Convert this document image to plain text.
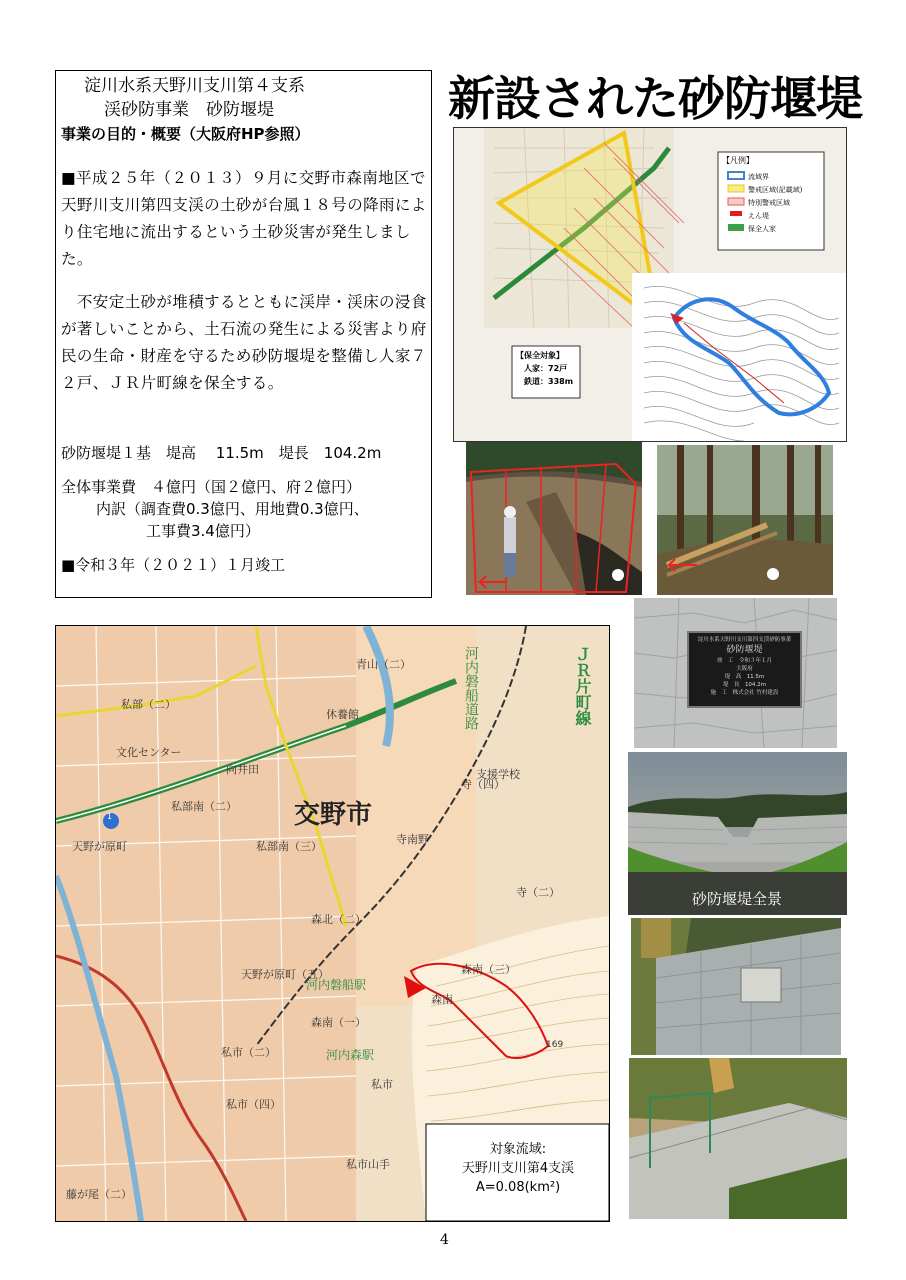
淀川水系天野川支川第４支系
渓砂防事業　砂防堰堤
事業の目的・概要（大阪府HP参照）
■平成２５年（２０１３）９月に交野市森南地区で天野川支川第四支渓の土砂が台風１８号の降雨により住宅地に流出するという土砂災害が発生しました。
　不安定土砂が堆積するとともに渓岸・渓床の浸食が著しいことから、土石流の発生による災害より府民の生命・財産を守るため砂防堰堤を整備し人家７２戸、ＪＲ片町線を保全する。
砂防堰堤１基　堤高　 11.5m　堤長　104.2m
全体事業費　４億円（国２億円、府２億円）
内訳（調査費0.3億円、用地費0.3億円、
工事費3.4億円）
■令和３年（２０２１）１月竣工
新設された砂防堰堤
【凡例】
流域界
警戒区域(記載域)
特別警戒区域
えん堤
保全人家
【保全対象】
人家：72戸
鉄道：338m
淀川水系天野川支川第四支渓砂防事業
砂防堰堤
竣　工　令和３年１月
大阪府
堤　高　11.5m
堤　長　104.2m
施　工　株式会社 竹村建設
砂防堰堤全景
交野市
1
ＪＲ片町線
河内磐船道路
169
青山（二）
私部（二）
文化センター
向井田
私部南（二）
私部南（三）
天野が原町
天野が原町（五）
森北（二）
森南（三）
森南（一）
森南
私市（二）
私市（四）
私市山手
寺（四）
寺（二）
支援学校
寺南野
休養館
藤が尾（二）
河内磐船駅
河内森駅
私市
対象流域:
天野川支川第4支渓
A=0.08(km²)
4
